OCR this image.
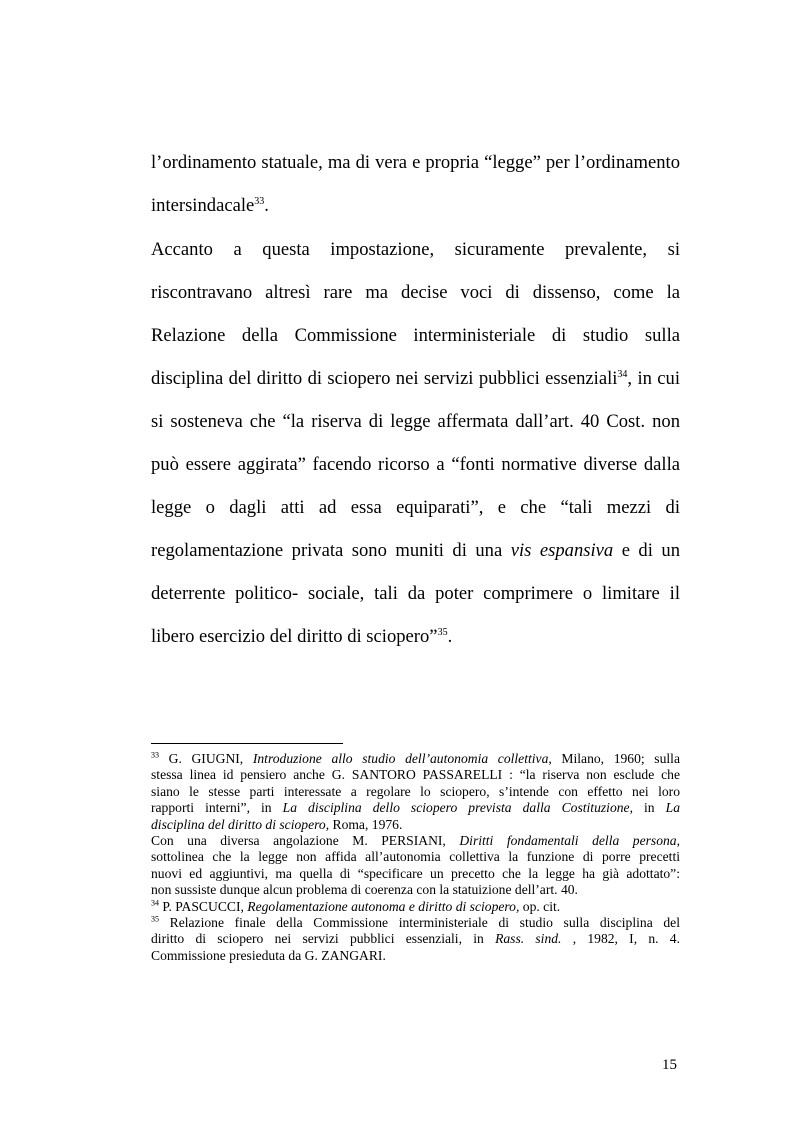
l’ordinamento statuale, ma di vera e propria “legge” per l’ordinamento
intersindacale$^{33}$.
Accanto a questa impostazione, sicuramente prevalente, si
riscontravano altresì rare ma decise voci di dissenso, come la
Relazione della Commissione interministeriale di studio sulla
disciplina del diritto di sciopero nei servizi pubblici essenziali$^{34}$, in cui
si sosteneva che “la riserva di legge affermata dall’art. 40 Cost. non
può essere aggirata” facendo ricorso a “fonti normative diverse dalla
legge o dagli atti ad essa equiparati”, e che “tali mezzi di
regolamentazione privata sono muniti di una vis espansiva e di un
deterrente politico- sociale, tali da poter comprimere o limitare il
libero esercizio del diritto di sciopero”$^{35}$.
$^{33}$ G. GIUGNI, Introduzione allo studio dell’autonomia collettiva, Milano, 1960; sulla
stessa linea id pensiero anche G. SANTORO PASSARELLI : “la riserva non esclude che
siano le stesse parti interessate a regolare lo sciopero, s’intende con effetto nei loro
rapporti interni”, in La disciplina dello sciopero prevista dalla Costituzione, in La
disciplina del diritto di sciopero, Roma, 1976.
Con una diversa angolazione M. PERSIANI, Diritti fondamentali della persona,
sottolinea che la legge non affida all’autonomia collettiva la funzione di porre precetti
nuovi ed aggiuntivi, ma quella di “specificare un precetto che la legge ha già adottato”:
non sussiste dunque alcun problema di coerenza con la statuizione dell’art. 40.
$^{34}$ P. PASCUCCI, Regolamentazione autonoma e diritto di sciopero, op. cit.
$^{35}$ Relazione finale della Commissione interministeriale di studio sulla disciplina del
diritto di sciopero nei servizi pubblici essenziali, in Rass. sind. , 1982, I, n. 4.
Commissione presieduta da G. ZANGARI.
15
